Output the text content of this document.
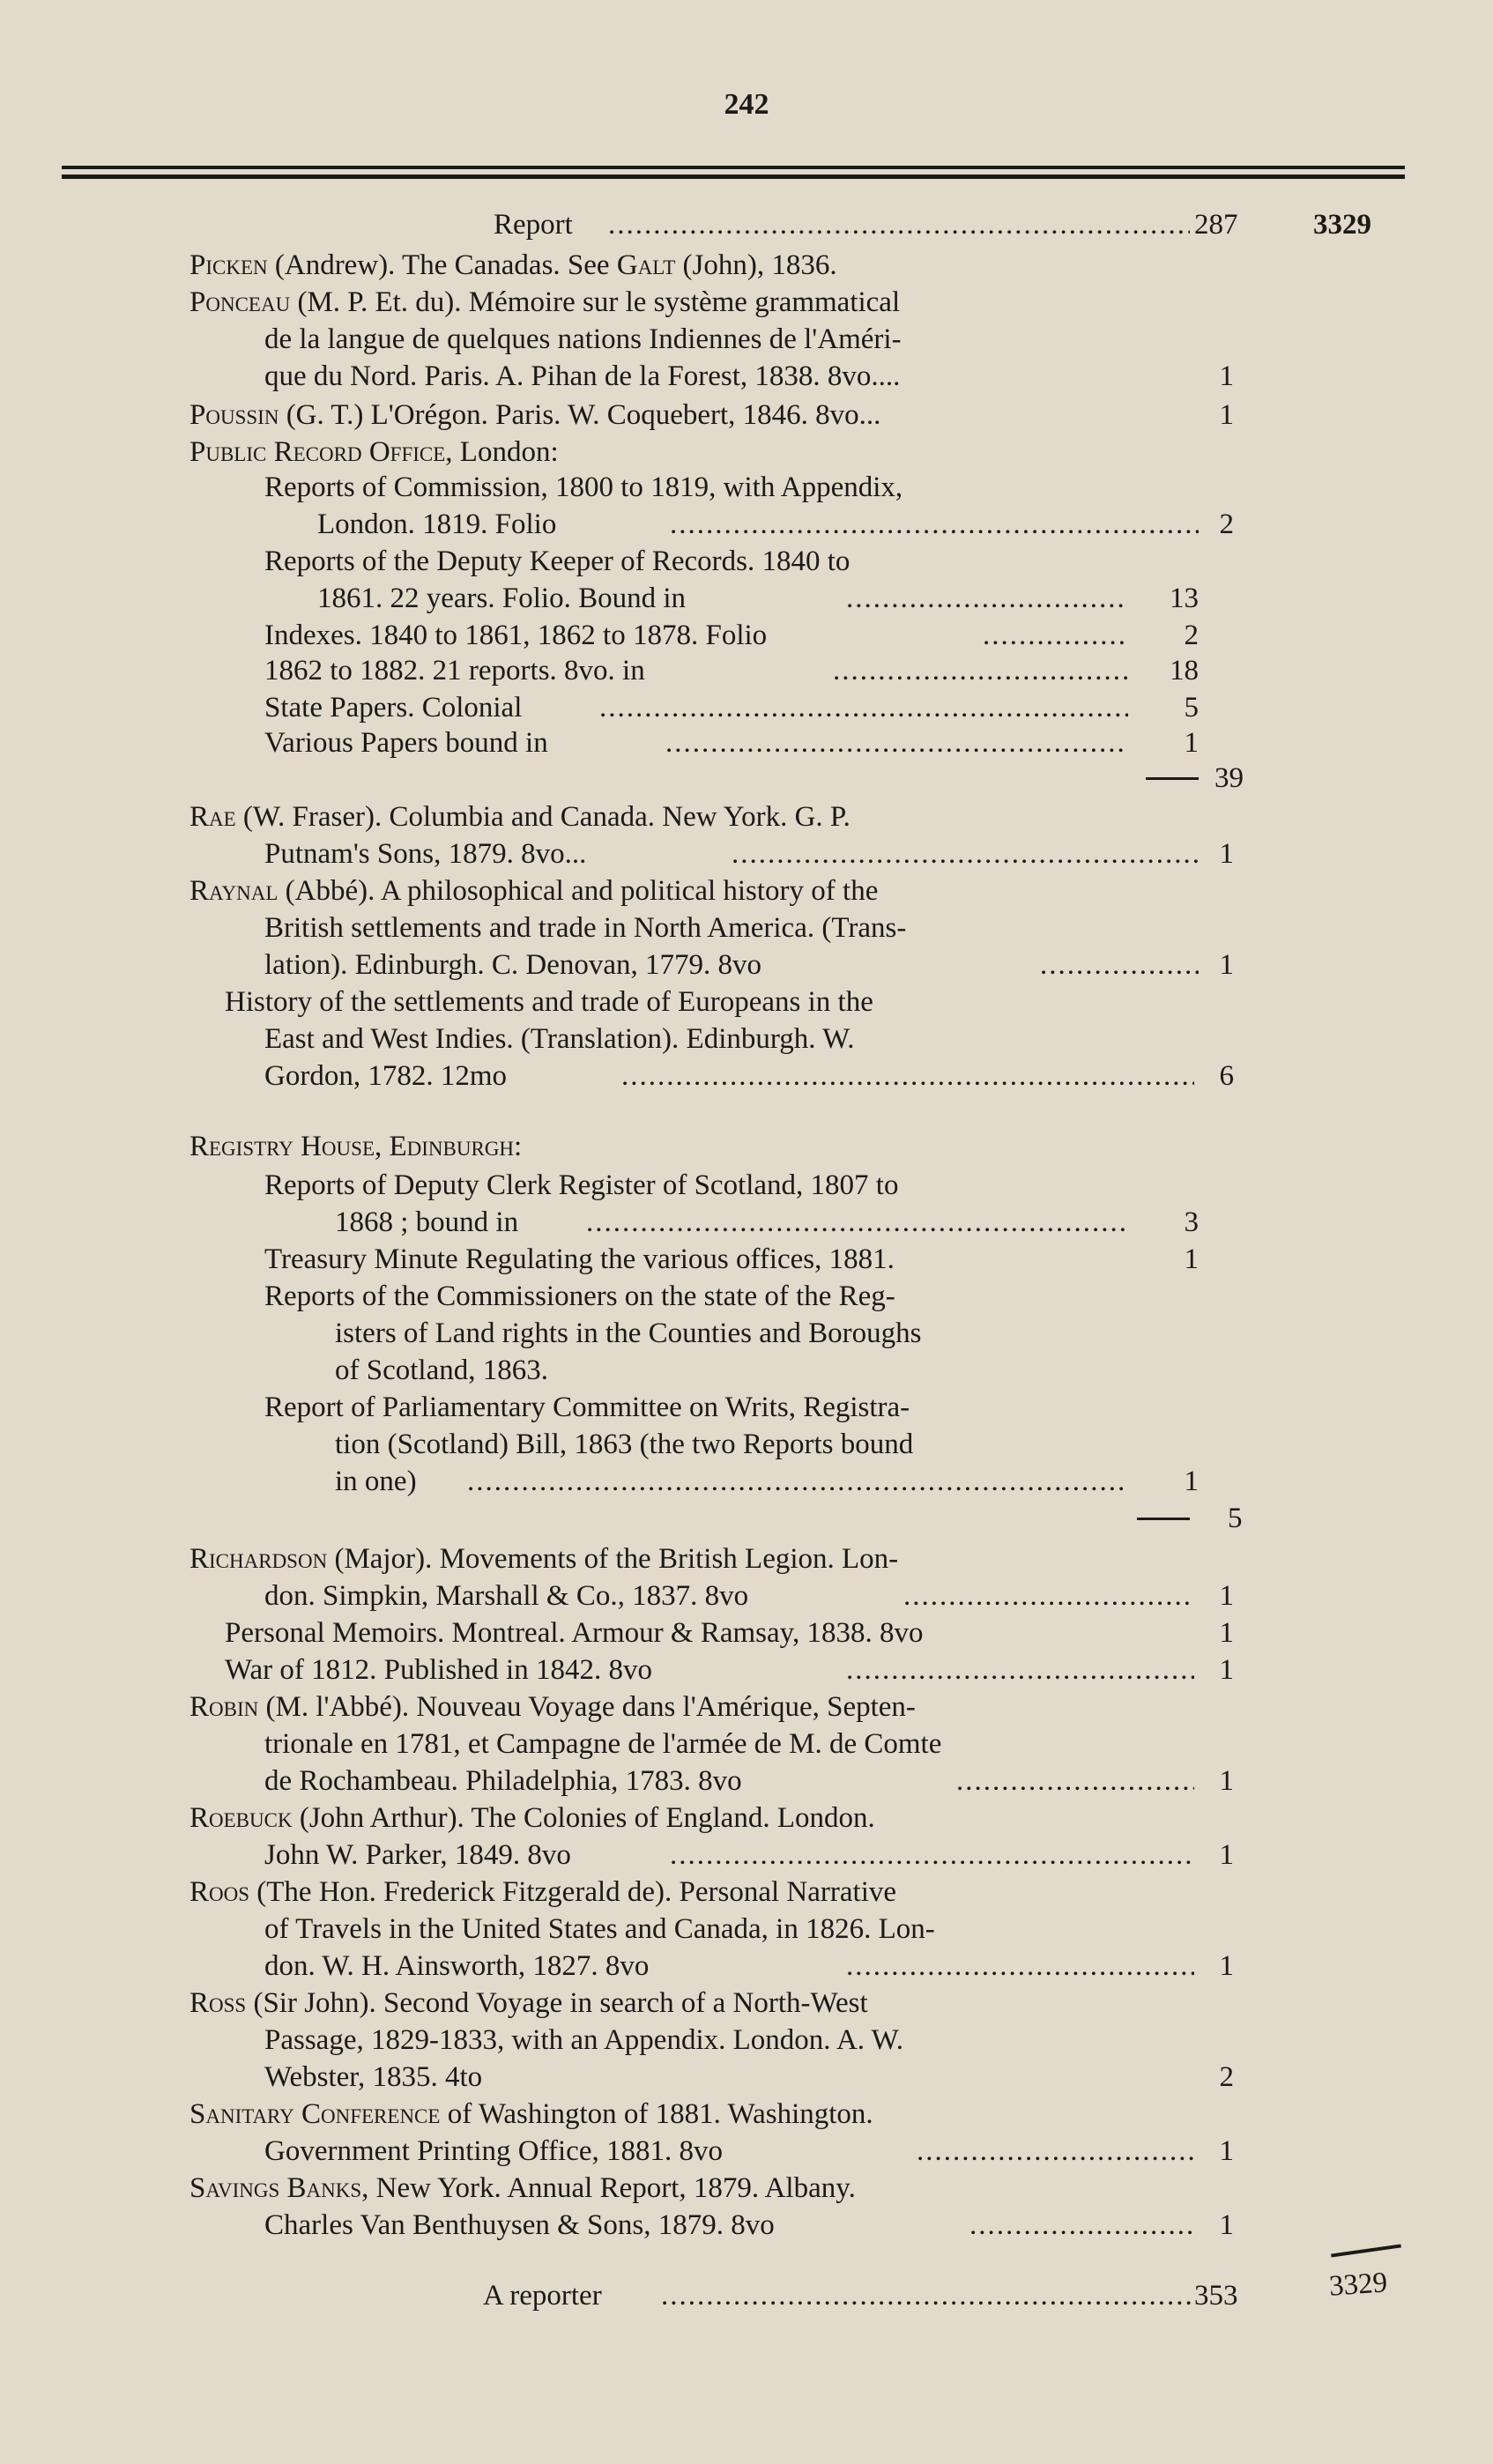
242
Report .....	287	3329
Picken (Andrew). The Canadas. See Galt (John), 1836.
Ponceau (M. P. Et. du). Mémoire sur le système grammatical
de la langue de quelques nations Indiennes de l'Améri-
que du Nord. Paris. A. Pihan de la Forest, 1838. 8vo....	1
Poussin (G. T.) L'Orégon. Paris. W. Coquebert, 1846. 8vo...	1
Public Record Office, London:
Reports of Commission, 1800 to 1819, with Appendix,
London. 1819. Folio .....	2
Reports of the Deputy Keeper of Records. 1840 to
1861. 22 years. Folio. Bound in .....	13
Indexes. 1840 to 1861, 1862 to 1878. Folio .....	2
1862 to 1882. 21 reports. 8vo. in .....	18
State Papers. Colonial .....	5
Various Papers bound in .....	1
39
Rae (W. Fraser). Columbia and Canada. New York. G. P.
Putnam's Sons, 1879. 8vo... .....	1
Raynal (Abbé). A philosophical and political history of the
British settlements and trade in North America. (Trans-
lation). Edinburgh. C. Denovan, 1779. 8vo .....	1
History of the settlements and trade of Europeans in the
East and West Indies. (Translation). Edinburgh. W.
Gordon, 1782. 12mo .....	6
Registry House, Edinburgh:
Reports of Deputy Clerk Register of Scotland, 1807 to
1868 ; bound in .....	3
Treasury Minute Regulating the various offices, 1881.	1
Reports of the Commissioners on the state of the Reg-
isters of Land rights in the Counties and Boroughs
of Scotland, 1863.
Report of Parliamentary Committee on Writs, Registra-
tion (Scotland) Bill, 1863 (the two Reports bound
in one) .....	1
5
Richardson (Major). Movements of the British Legion. Lon-
don. Simpkin, Marshall & Co., 1837. 8vo .....	1
Personal Memoirs. Montreal. Armour & Ramsay, 1838. 8vo	1
War of 1812. Published in 1842. 8vo .....	1
Robin (M. l'Abbé). Nouveau Voyage dans l'Amérique, Septen-
trionale en 1781, et Campagne de l'armée de M. de Comte
de Rochambeau. Philadelphia, 1783. 8vo .....	1
Roebuck (John Arthur). The Colonies of England. London.
John W. Parker, 1849. 8vo .....	1
Roos (The Hon. Frederick Fitzgerald de). Personal Narrative
of Travels in the United States and Canada, in 1826. Lon-
don. W. H. Ainsworth, 1827. 8vo .....	1
Ross (Sir John). Second Voyage in search of a North-West
Passage, 1829-1833, with an Appendix. London. A. W.
Webster, 1835. 4to	2
Sanitary Conference of Washington of 1881. Washington.
Government Printing Office, 1881. 8vo .....	1
Savings Banks, New York. Annual Report, 1879. Albany.
Charles Van Benthuysen & Sons, 1879. 8vo .....	1
A reporter .....	353	3329
